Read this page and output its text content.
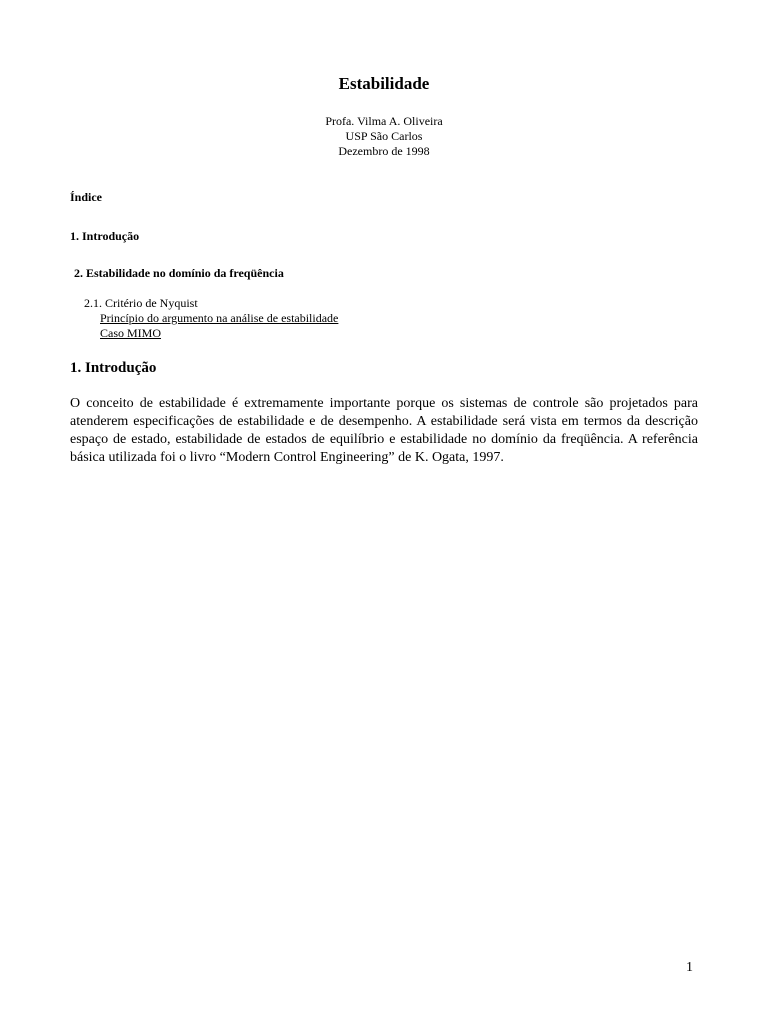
Estabilidade
Profa. Vilma A. Oliveira
USP São Carlos
Dezembro de 1998
Índice
1. Introdução
2. Estabilidade no domínio da freqüência
2.1. Critério de Nyquist
Princípio do argumento na análise de estabilidade
Caso MIMO
1. Introdução

O conceito de estabilidade é extremamente importante porque os sistemas de controle são projetados para atenderem especificações de estabilidade e de desempenho. A estabilidade será vista em termos da descrição espaço de estado, estabilidade de estados de equilíbrio e estabilidade no domínio da freqüência. A referência básica utilizada foi o livro “Modern Control Engineering” de K. Ogata, 1997.

1
